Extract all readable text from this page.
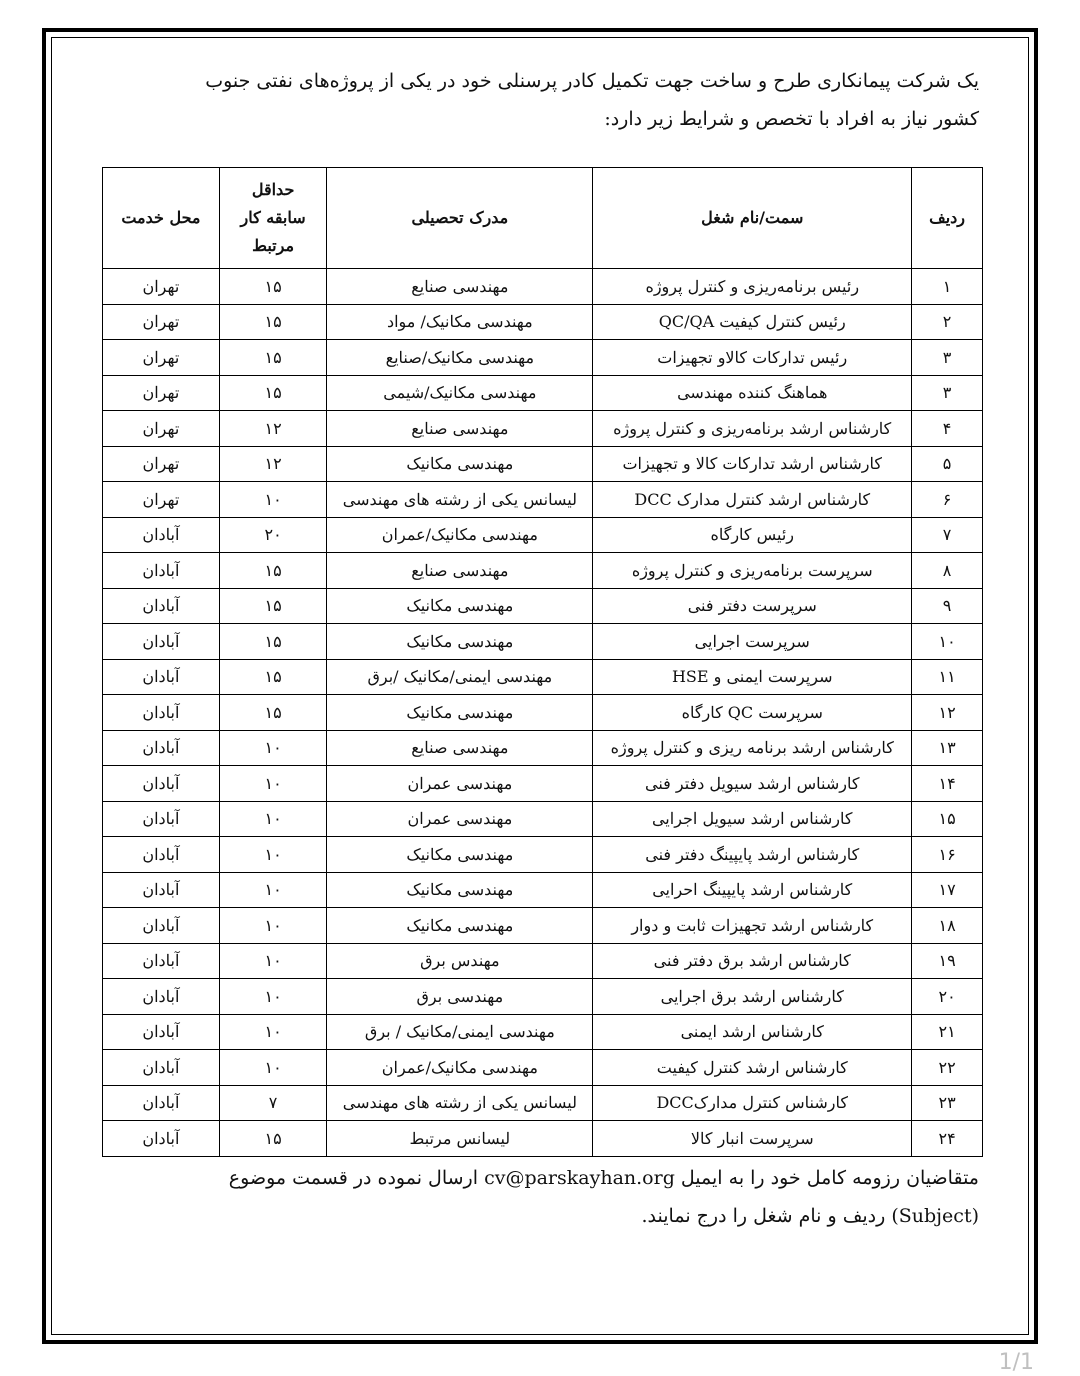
یک شرکت پیمانکاری طرح و ساخت جهت تکمیل کادر پرسنلی خود در یکی از پروژه‌های نفتی جنوب
کشور نیاز به افراد با تخصص و شرایط زیر دارد:

ردیف	سمت/نام شغل	مدرک تحصیلی	حداقل
سابقه کار
مرتبط	محل خدمت
۱	رئیس برنامه‌ریزی و کنترل پروژه	مهندسی صنایع	۱۵	تهران
۲	رئیس کنترل کیفیت QC/QA	مهندسی مکانیک/ مواد	۱۵	تهران
۳	رئیس تدارکات کالاو تجهیزات	مهندسی مکانیک/صنایع	۱۵	تهران
۳	هماهنگ کننده مهندسی	مهندسی مکانیک/شیمی	۱۵	تهران
۴	کارشناس ارشد برنامه‌ریزی و کنترل پروژه	مهندسی صنایع	۱۲	تهران
۵	کارشناس ارشد تدارکات کالا و تجهیزات	مهندسی مکانیک	۱۲	تهران
۶	کارشناس ارشد کنترل مدارک DCC	لیسانس یکی از رشته های مهندسی	۱۰	تهران
۷	رئیس کارگاه	مهندسی مکانیک/عمران	۲۰	آبادان
۸	سرپرست برنامه‌ریزی و کنترل پروژه	مهندسی صنایع	۱۵	آبادان
۹	سرپرست دفتر فنی	مهندسی مکانیک	۱۵	آبادان
۱۰	سرپرست اجرایی	مهندسی مکانیک	۱۵	آبادان
۱۱	سرپرست ایمنی و HSE	مهندسی ایمنی/مکانیک /برق	۱۵	آبادان
۱۲	سرپرست QC کارگاه	مهندسی مکانیک	۱۵	آبادان
۱۳	کارشناس ارشد برنامه ریزی و کنترل پروژه	مهندسی صنایع	۱۰	آبادان
۱۴	کارشناس ارشد سیویل دفتر فنی	مهندسی عمران	۱۰	آبادان
۱۵	کارشناس ارشد سیویل اجرایی	مهندسی عمران	۱۰	آبادان
۱۶	کارشناس ارشد پایپینگ دفتر فنی	مهندسی مکانیک	۱۰	آبادان
۱۷	کارشناس ارشد پایپینگ احرایی	مهندسی مکانیک	۱۰	آبادان
۱۸	کارشناس ارشد تجهیزات ثابت و دوار	مهندسی مکانیک	۱۰	آبادان
۱۹	کارشناس ارشد برق دفتر فنی	مهندس برق	۱۰	آبادان
۲۰	کارشناس ارشد برق اجرایی	مهندسی برق	۱۰	آبادان
۲۱	کارشناس ارشد ایمنی	مهندسی ایمنی/مکانیک / برق	۱۰	آبادان
۲۲	کارشناس ارشد کنترل کیفیت	مهندسی مکانیک/عمران	۱۰	آبادان
۲۳	کارشناس کنترل مدارکDCC	لیسانس یکی از رشته های مهندسی	۷	آبادان
۲۴	سرپرست انبار کالا	لیسانس مرتبط	۱۵	آبادان

متقاضیان رزومه کامل خود را به ایمیل cv@parskayhan.org ارسال نموده در قسمت موضوع
(Subject) ردیف و نام شغل را درج نمایند.

1/1
